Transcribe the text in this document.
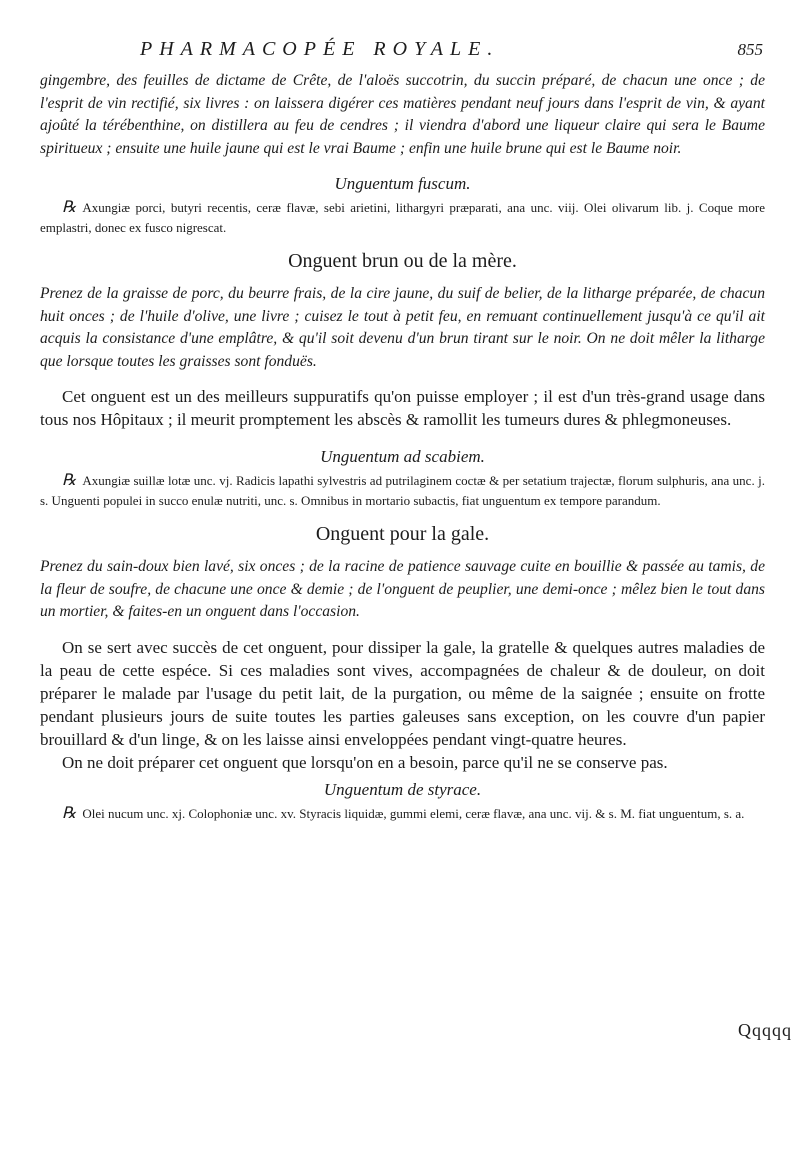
PHARMACOPÉE ROYALE.	855

gingembre, des feuilles de dictame de Crête, de l'aloës succotrin, du succin préparé, de chacun une once ; de l'esprit de vin rectifié, six livres : on laissera digérer ces matières pendant neuf jours dans l'esprit de vin, & ayant ajoûté la térébenthine, on distillera au feu de cendres ; il viendra d'abord une liqueur claire qui sera le Baume spiritueux ; ensuite une huile jaune qui est le vrai Baume ; enfin une huile brune qui est le Baume noir.

Unguentum fuscum.

℞ Axungiæ porci, butyri recentis, ceræ flavæ, sebi arietini, lithargyri præparati, ana unc. viij. Olei olivarum lib. j. Coque more emplastri, donec ex fusco nigrescat.

Onguent brun ou de la mère.

Prenez de la graisse de porc, du beurre frais, de la cire jaune, du suif de belier, de la litharge préparée, de chacun huit onces ; de l'huile d'olive, une livre ; cuisez le tout à petit feu, en remuant continuellement jusqu'à ce qu'il ait acquis la consistance d'une emplâtre, & qu'il soit devenu d'un brun tirant sur le noir. On ne doit mêler la litharge que lorsque toutes les graisses sont fonduës.

Cet onguent est un des meilleurs suppuratifs qu'on puisse employer ; il est d'un très-grand usage dans tous nos Hôpitaux ; il meurit promptement les abscès & ramollit les tumeurs dures & phlegmoneuses.

Unguentum ad scabiem.

℞ Axungiæ suillæ lotæ unc. vj. Radicis lapathi sylvestris ad putrilaginem coctæ & per setatium trajectæ, florum sulphuris, ana unc. j. s. Unguenti populei in succo enulæ nutriti, unc. s. Omnibus in mortario subactis, fiat unguentum ex tempore parandum.

Onguent pour la gale.

Prenez du sain-doux bien lavé, six onces ; de la racine de patience sauvage cuite en bouillie & passée au tamis, de la fleur de soufre, de chacune une once & demie ; de l'onguent de peuplier, une demi-once ; mêlez bien le tout dans un mortier, & faites-en un onguent dans l'occasion.

On se sert avec succès de cet onguent, pour dissiper la gale, la gratelle & quelques autres maladies de la peau de cette espéce. Si ces maladies sont vives, accompagnées de chaleur & de douleur, on doit préparer le malade par l'usage du petit lait, de la purgation, ou même de la saignée ; ensuite on frotte pendant plusieurs jours de suite toutes les parties galeuses sans exception, on les couvre d'un papier brouillard & d'un linge, & on les laisse ainsi enveloppées pendant vingt-quatre heures.

On ne doit préparer cet onguent que lorsqu'on en a besoin, parce qu'il ne se conserve pas.

Unguentum de styrace.

℞ Olei nucum unc. xj. Colophoniæ unc. xv. Styracis liquidæ, gummi elemi, ceræ flavæ, ana unc. vij. & s. M. fiat unguentum, s. a.

Qqqqq
